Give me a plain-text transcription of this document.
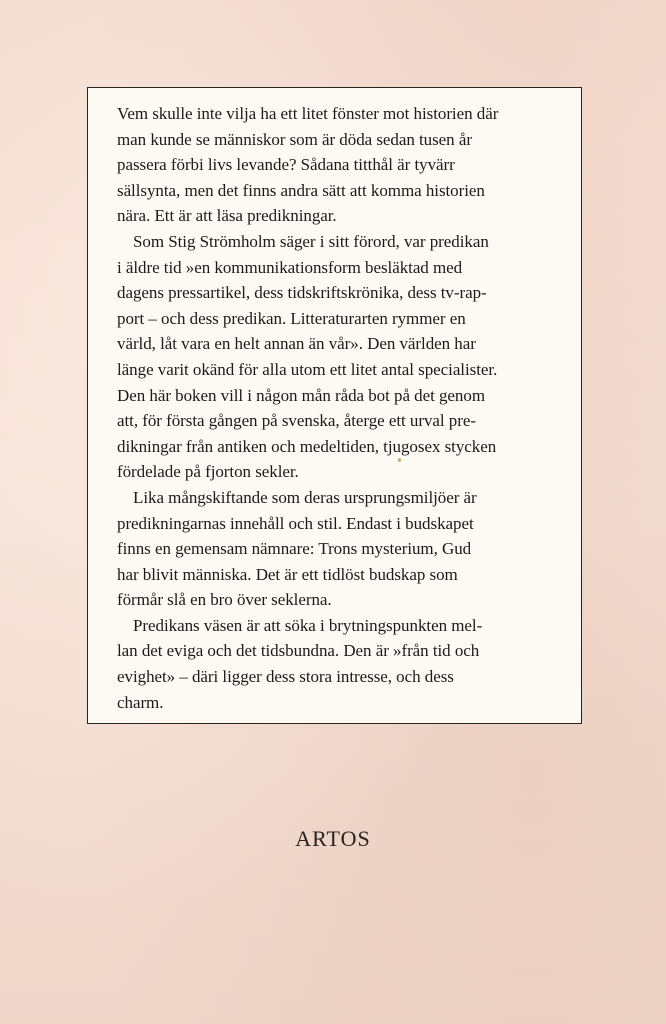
Vem skulle inte vilja ha ett litet fönster mot historien där
man kunde se människor som är döda sedan tusen år
passera förbi livs levande? Sådana titthål är tyvärr
sällsynta, men det finns andra sätt att komma historien
nära. Ett är att läsa predikningar.

Som Stig Strömholm säger i sitt förord, var predikan
i äldre tid »en kommunikationsform besläktad med
dagens pressartikel, dess tidskriftskrönika, dess tv-rap-
port – och dess predikan. Litteraturarten rymmer en
värld, låt vara en helt annan än vår». Den världen har
länge varit okänd för alla utom ett litet antal specialister.
Den här boken vill i någon mån råda bot på det genom
att, för första gången på svenska, återge ett urval pre-
dikningar från antiken och medeltiden, tjugosex stycken
fördelade på fjorton sekler.

Lika mångskiftande som deras ursprungsmiljöer är
predikningarnas innehåll och stil. Endast i budskapet
finns en gemensam nämnare: Trons mysterium, Gud
har blivit människa. Det är ett tidlöst budskap som
förmår slå en bro över seklerna.

Predikans väsen är att söka i brytningspunkten mel-
lan det eviga och det tidsbundna. Den är »från tid och
evighet» – däri ligger dess stora intresse, och dess
charm.

ARTOS
